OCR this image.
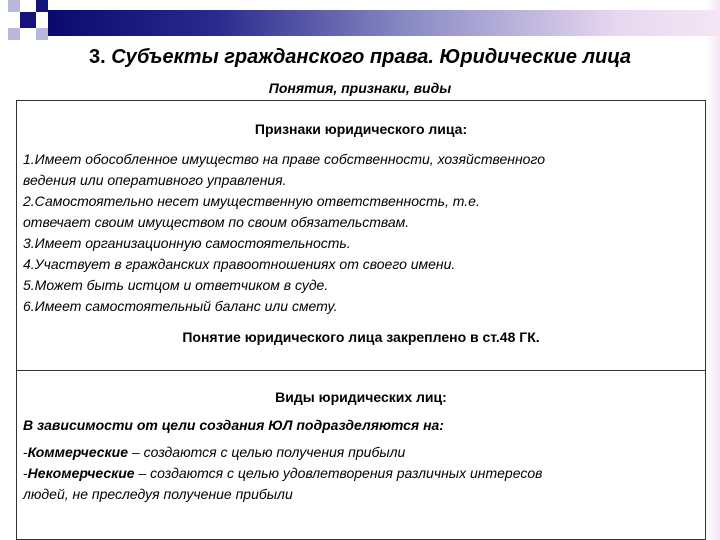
3. Субъекты гражданского права. Юридические лица
Понятия, признаки, виды
Признаки юридического лица:
1.Имеет обособленное имущество на праве собственности, хозяйственного
ведения или оперативного управления.
2.Самостоятельно несет имущественную ответственность, т.е.
отвечает своим имуществом по своим обязательствам.
3.Имеет организационную самостоятельность.
4.Участвует в гражданских правоотношениях от своего имени.
5.Может быть истцом и ответчиком в суде.
6.Имеет самостоятельный баланс или смету.
Понятие юридического лица закреплено в ст.48 ГК.
Виды юридических лиц:
В зависимости от цели создания ЮЛ подразделяются на:
-Коммерческие – создаются с целью получения прибыли
-Некомерческие – создаются с целью удовлетворения различных интересов
людей, не преследуя получение прибыли
